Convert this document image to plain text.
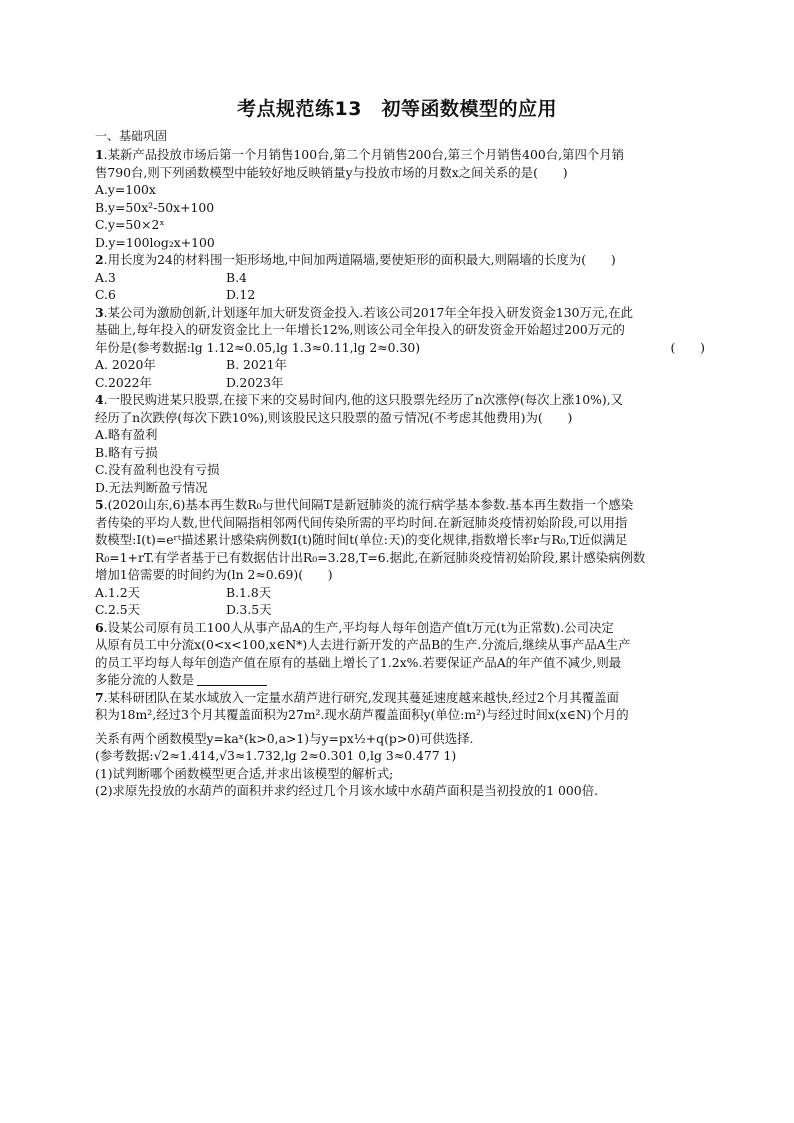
考点规范练13　初等函数模型的应用
一、基础巩固
1.某新产品投放市场后第一个月销售100台,第二个月销售200台,第三个月销售400台,第四个月销
售790台,则下列函数模型中能较好地反映销量y与投放市场的月数x之间关系的是(　　)
A.y=100x
B.y=50x²-50x+100
C.y=50×2ˣ
D.y=100log₂x+100
2.用长度为24的材料围一矩形场地,中间加两道隔墙,要使矩形的面积最大,则隔墙的长度为(　　)
A.3	B.4
C.6	D.12
3.某公司为激励创新,计划逐年加大研发资金投入.若该公司2017年全年投入研发资金130万元,在此
基础上,每年投入的研发资金比上一年增长12%,则该公司全年投入的研发资金开始超过200万元的
年份是(参考数据:lg 1.12≈0.05,lg 1.3≈0.11,lg 2≈0.30)	(　　)
A. 2020年	B. 2021年
C.2022年	D.2023年
4.一股民购进某只股票,在接下来的交易时间内,他的这只股票先经历了n次涨停(每次上涨10%),又
经历了n次跌停(每次下跌10%),则该股民这只股票的盈亏情况(不考虑其他费用)为(　　)
A.略有盈利
B.略有亏损
C.没有盈利也没有亏损
D.无法判断盈亏情况
5.(2020山东,6)基本再生数R₀与世代间隔T是新冠肺炎的流行病学基本参数.基本再生数指一个感染
者传染的平均人数,世代间隔指相邻两代间传染所需的平均时间.在新冠肺炎疫情初始阶段,可以用指
数模型:I(t)=eʳᵗ描述累计感染病例数I(t)随时间t(单位:天)的变化规律,指数增长率r与R₀,T近似满足
R₀=1+rT.有学者基于已有数据估计出R₀=3.28,T=6.据此,在新冠肺炎疫情初始阶段,累计感染病例数
增加1倍需要的时间约为(ln 2≈0.69)(　　)
A.1.2天	B.1.8天
C.2.5天	D.3.5天
6.设某公司原有员工100人从事产品A的生产,平均每人每年创造产值t万元(t为正常数).公司决定
从原有员工中分流x(0<x<100,x∈N*)人去进行新开发的产品B的生产.分流后,继续从事产品A生产
的员工平均每人每年创造产值在原有的基础上增长了1.2x%.若要保证产品A的年产值不减少,则最
多能分流的人数是
7.某科研团队在某水域放入一定量水葫芦进行研究,发现其蔓延速度越来越快,经过2个月其覆盖面
积为18m²,经过3个月其覆盖面积为27m².现水葫芦覆盖面积y(单位:m²)与经过时间x(x∈N)个月的
关系有两个函数模型y=kaˣ(k>0,a>1)与y=px½+q(p>0)可供选择.
(参考数据:√2≈1.414,√3≈1.732,lg 2≈0.301 0,lg 3≈0.477 1)
(1)试判断哪个函数模型更合适,并求出该模型的解析式;
(2)求原先投放的水葫芦的面积并求约经过几个月该水域中水葫芦面积是当初投放的1 000倍.
